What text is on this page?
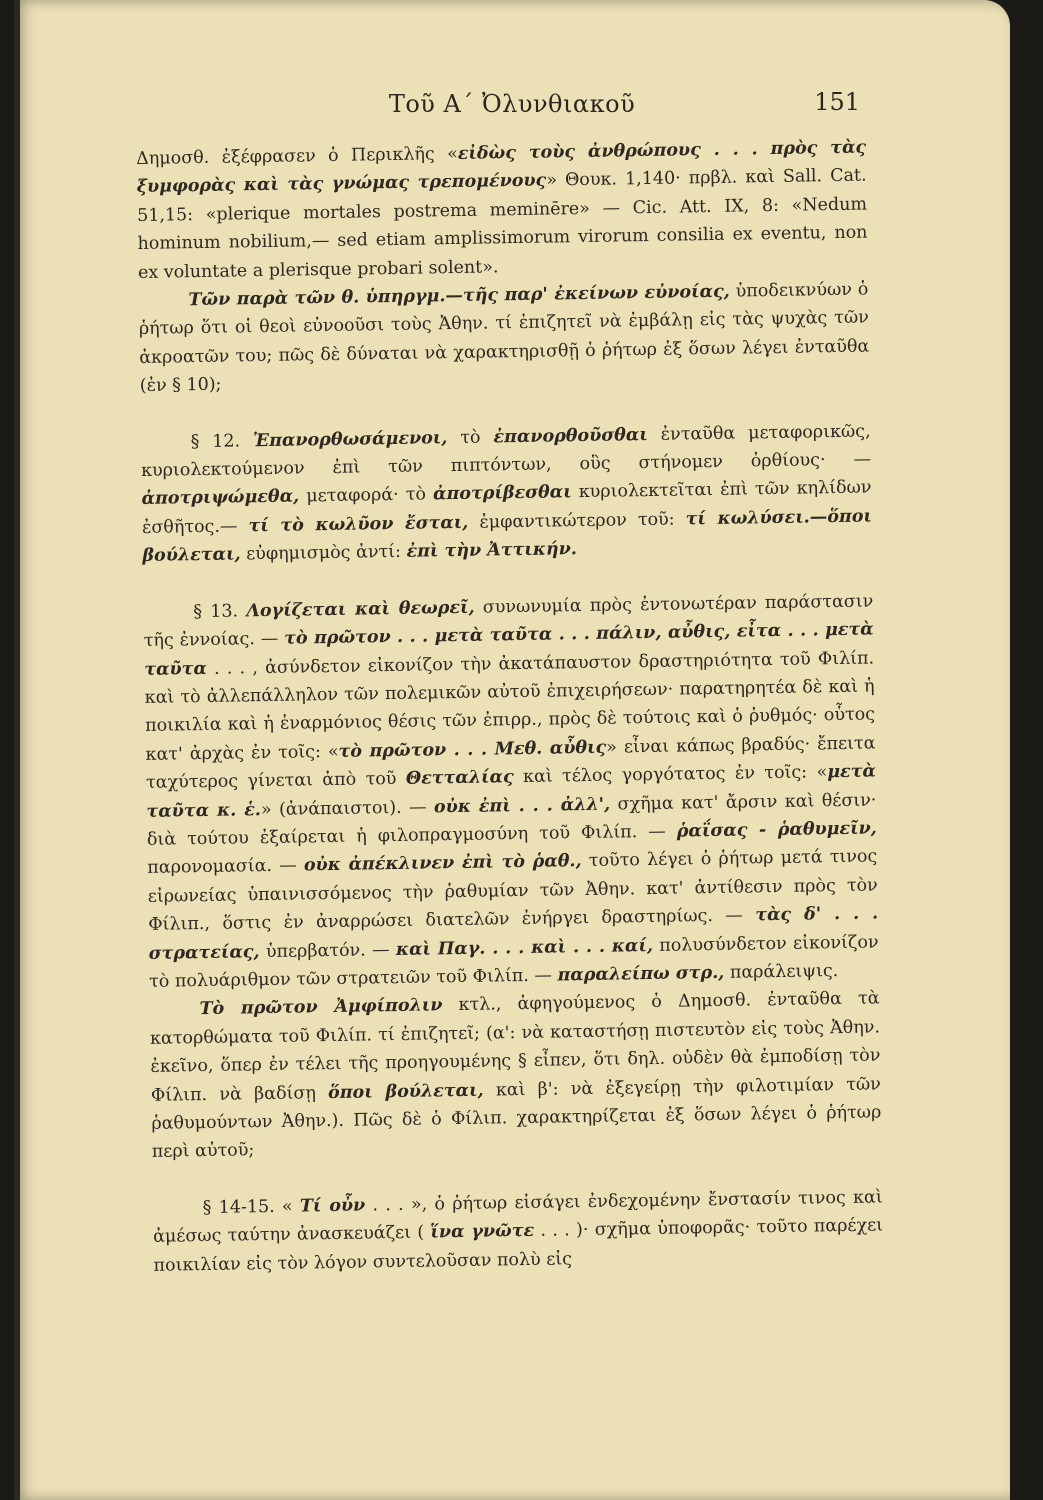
Τοῦ Α΄ Ὀλυνθιακοῦ	151

Δημοσθ. ἐξέφρασεν ὁ Περικλῆς «εἰδὼς τοὺς ἀνθρώπους . . . πρὸς τὰς ξυμφορὰς καὶ τὰς γνώμας τρεπομένους» Θουκ. 1,140· πρβλ. καὶ Sall. Cat. 51,15: «plerique mortales postrema meminēre» — Cic. Att. IX, 8: «Nedum hominum nobilium,— sed etiam amplissimorum virorum consilia ex eventu, non ex voluntate a plerisque probari solent».

Τῶν παρὰ τῶν θ. ὑπηργμ.—τῆς παρ' ἐκείνων εὐνοίας, ὑποδεικνύων ὁ ῥήτωρ ὅτι οἱ θεοὶ εὐνοοῦσι τοὺς Ἀθην. τί ἐπιζητεῖ νὰ ἐμβάλῃ εἰς τὰς ψυχὰς τῶν ἀκροατῶν του; πῶς δὲ δύναται νὰ χαρακτηρισθῇ ὁ ῥήτωρ ἐξ ὅσων λέγει ἐνταῦθα (ἐν § 10);

§ 12. Ἐπανορθωσάμενοι, τὸ ἐπανορθοῦσθαι ἐνταῦθα μεταφορικῶς, κυριολεκτούμενον ἐπὶ τῶν πιπτόντων, οὓς στήνομεν ὀρθίους· —ἀποτριψώμεθα, μεταφορά· τὸ ἀποτρίβεσθαι κυριολεκτεῖται ἐπὶ τῶν κηλίδων ἐσθῆτος.— τί τὸ κωλῦον ἔσται, ἐμφαντικώτερον τοῦ: τί κωλύσει.—ὅποι βούλεται, εὐφημισμὸς ἀντί: ἐπὶ τὴν Ἀττικήν.

§ 13. Λογίζεται καὶ θεωρεῖ, συνωνυμία πρὸς ἐντονωτέραν παράστασιν τῆς ἐννοίας. — τὸ πρῶτον . . . μετὰ ταῦτα . . . πάλιν, αὖθις, εἶτα . . . μετὰ ταῦτα . . . , ἀσύνδετον εἰκονίζον τὴν ἀκατάπαυστον δραστηριότητα τοῦ Φιλίπ. καὶ τὸ ἀλλεπάλληλον τῶν πολεμικῶν αὐτοῦ ἐπιχειρήσεων· παρατηρητέα δὲ καὶ ἡ ποικιλία καὶ ἡ ἐναρμόνιος θέσις τῶν ἐπιρρ., πρὸς δὲ τούτοις καὶ ὁ ῥυθμός· οὗτος κατ' ἀρχὰς ἐν τοῖς: «τὸ πρῶτον . . . Μεθ. αὖθις» εἶναι κάπως βραδύς· ἔπειτα ταχύτερος γίνεται ἀπὸ τοῦ Θετταλίας καὶ τέλος γοργότατος ἐν τοῖς: «μετὰ ταῦτα κ. ἑ.» (ἀνάπαιστοι). — οὐκ ἐπὶ . . . ἀλλ', σχῆμα κατ' ἄρσιν καὶ θέσιν· διὰ τούτου ἐξαίρεται ἡ φιλοπραγμοσύνη τοῦ Φιλίπ. — ῥαΐσας - ῥαθυμεῖν, παρονομασία. — οὐκ ἀπέκλινεν ἐπὶ τὸ ῥαθ., τοῦτο λέγει ὁ ῥήτωρ μετά τινος εἰρωνείας ὑπαινισσόμενος τὴν ῥαθυμίαν τῶν Ἀθην. κατ' ἀντίθεσιν πρὸς τὸν Φίλιπ., ὅστις ἐν ἀναρρώσει διατελῶν ἐνήργει δραστηρίως. — τὰς δ' . . . στρατείας, ὑπερβατόν. — καὶ Παγ. . . . καὶ . . . καί, πολυσύνδετον εἰκονίζον τὸ πολυάριθμον τῶν στρατειῶν τοῦ Φιλίπ. — παραλείπω στρ., παράλειψις.

Τὸ πρῶτον Ἀμφίπολιν κτλ., ἀφηγούμενος ὁ Δημοσθ. ἐνταῦθα τὰ κατορθώματα τοῦ Φιλίπ. τί ἐπιζητεῖ; (α': νὰ καταστήσῃ πιστευτὸν εἰς τοὺς Ἀθην. ἐκεῖνο, ὅπερ ἐν τέλει τῆς προηγουμένης § εἶπεν, ὅτι δηλ. οὐδὲν θὰ ἐμποδίσῃ τὸν Φίλιπ. νὰ βαδίσῃ ὅποι βούλεται, καὶ β': νὰ ἐξεγείρῃ τὴν φιλοτιμίαν τῶν ῥαθυμούντων Ἀθην.). Πῶς δὲ ὁ Φίλιπ. χαρακτηρίζεται ἐξ ὅσων λέγει ὁ ῥήτωρ περὶ αὐτοῦ;

§ 14-15. « Τί οὖν . . . », ὁ ῥήτωρ εἰσάγει ἐνδεχομένην ἔνστασίν τινος καὶ ἀμέσως ταύτην ἀνασκευάζει ( ἵνα γνῶτε . . . )· σχῆμα ὑποφορᾶς· τοῦτο παρέχει ποικιλίαν εἰς τὸν λόγον συντελοῦσαν πολὺ εἰς
